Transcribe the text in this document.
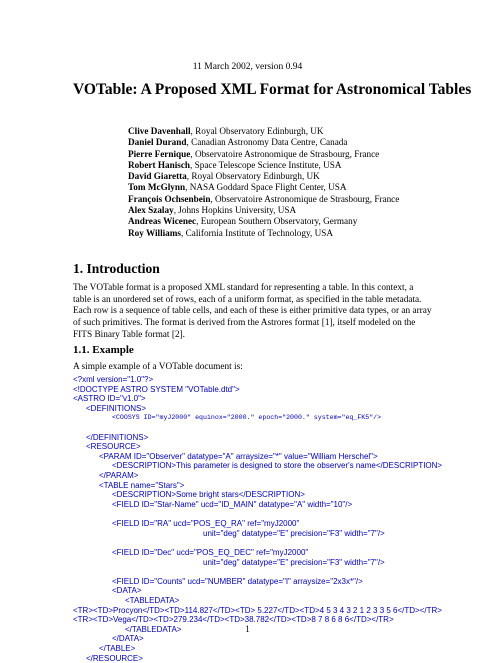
11 March 2002, version 0.94
VOTable: A Proposed XML Format for Astronomical Tables
Clive Davenhall, Royal Observatory Edinburgh, UK
Daniel Durand, Canadian Astronomy Data Centre, Canada
Pierre Fernique, Observatoire Astronomique de Strasbourg, France
Robert Hanisch, Space Telescope Science Institute, USA
David Giaretta, Royal Observatory Edinburgh, UK
Tom McGlynn, NASA Goddard Space Flight Center, USA
François Ochsenbein, Observatoire Astronomique de Strasbourg, France
Alex Szalay, Johns Hopkins University, USA
Andreas Wicenec, European Southern Observatory, Germany
Roy Williams, California Institute of Technology, USA
1. Introduction
The VOTable format is a proposed XML standard for representing a table. In this context, a table is an unordered set of rows, each of a uniform format, as specified in the table metadata. Each row is a sequence of table cells, and each of these is either primitive data types, or an array of such primitives. The format is derived from the Astrores format [1], itself modeled on the FITS Binary Table format [2].
1.1. Example
A simple example of a VOTable document is:
<?xml version="1.0"?>
<!DOCTYPE ASTRO SYSTEM "VOTable.dtd">
<ASTRO ID="v1.0">
<DEFINITIONS>
<COOSYS ID="myJ2000" equinox="2000." epoch="2000." system="eq_FK5"/>
</DEFINITIONS>
<RESOURCE>
<PARAM ID="Observer" datatype="A" arraysize="*" value="William Herschel">
<DESCRIPTION>This parameter is designed to store the observer's name</DESCRIPTION>
</PARAM>
<TABLE name="Stars">
<DESCRIPTION>Some bright stars</DESCRIPTION>
<FIELD ID="Star-Name" ucd="ID_MAIN" datatype="A" width="10"/>
<FIELD ID="RA" ucd="POS_EQ_RA" ref="myJ2000"
unit="deg" datatype="E" precision="F3" width="7"/>
<FIELD ID="Dec" ucd="POS_EQ_DEC" ref="myJ2000"
unit="deg" datatype="E" precision="F3" width="7"/>
<FIELD ID="Counts" ucd="NUMBER" datatype="I" arraysize="2x3x*"/>
<DATA>
<TABLEDATA>
<TR><TD>Procyon</TD><TD>114.827</TD><TD> 5.227</TD><TD>4 5 3 4 3 2 1 2 3 3 5 6</TD></TR>
<TR><TD>Vega</TD><TD>279.234</TD><TD>38.782</TD><TD>8 7 8 6 8 6</TD></TR>
</TABLEDATA>
</DATA>
</TABLE>
</RESOURCE>
1
